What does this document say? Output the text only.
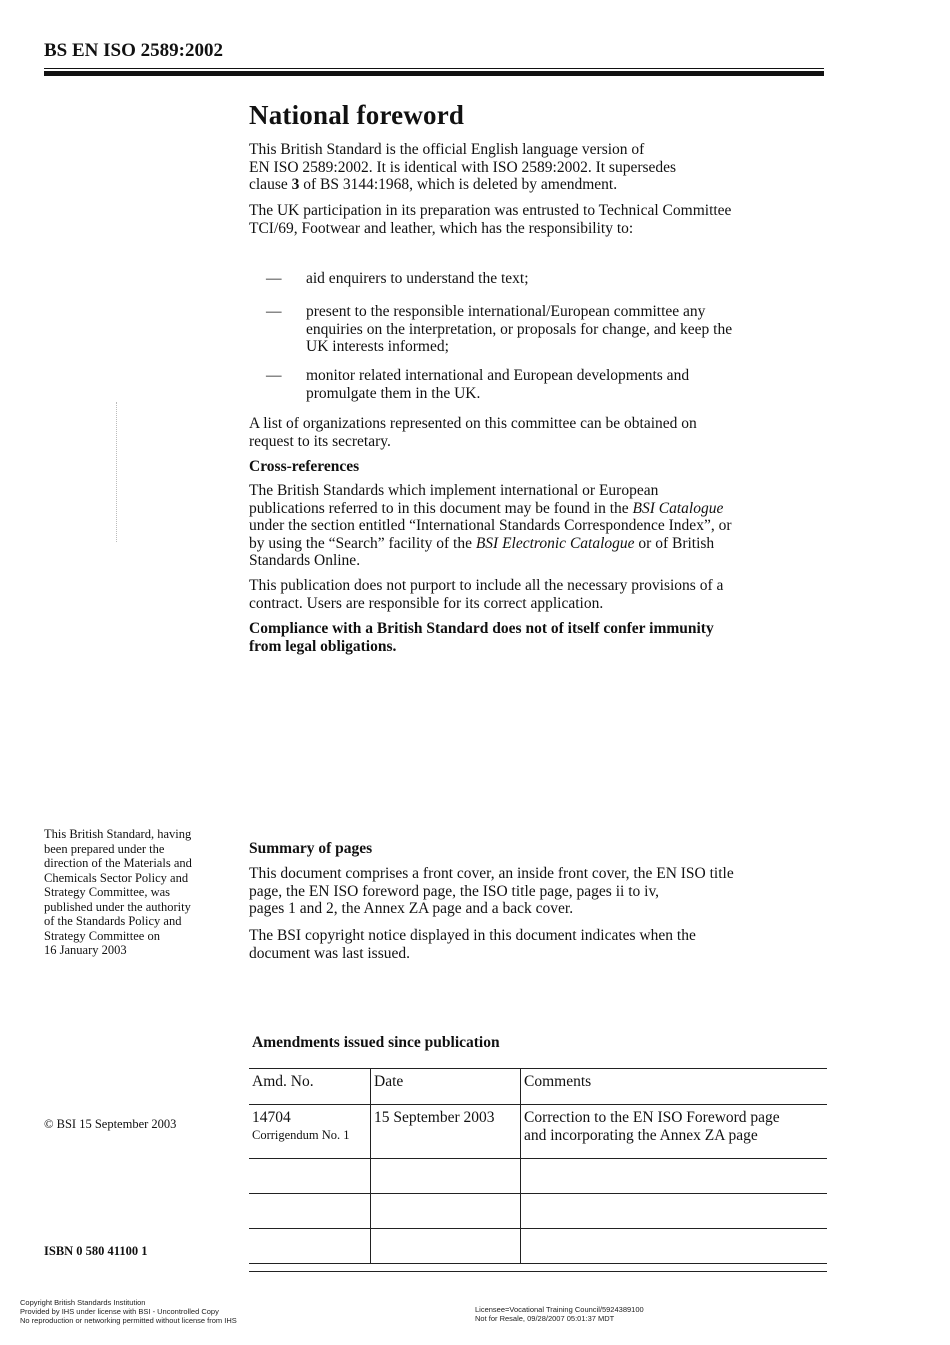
BS EN ISO 2589:2002
National foreword
This British Standard is the official English language version of
EN ISO 2589:2002. It is identical with ISO 2589:2002. It supersedes
clause 3 of BS 3144:1968, which is deleted by amendment.
The UK participation in its preparation was entrusted to Technical Committee
TCI/69, Footwear and leather, which has the responsibility to:
— aid enquirers to understand the text;
— present to the responsible international/European committee any
enquiries on the interpretation, or proposals for change, and keep the
UK interests informed;
— monitor related international and European developments and
promulgate them in the UK.
A list of organizations represented on this committee can be obtained on
request to its secretary.
Cross-references
The British Standards which implement international or European
publications referred to in this document may be found in the BSI Catalogue
under the section entitled “International Standards Correspondence Index”, or
by using the “Search” facility of the BSI Electronic Catalogue or of British
Standards Online.
This publication does not purport to include all the necessary provisions of a
contract. Users are responsible for its correct application.
Compliance with a British Standard does not of itself confer immunity
from legal obligations.
This British Standard, having
been prepared under the
direction of the Materials and
Chemicals Sector Policy and
Strategy Committee, was
published under the authority
of the Standards Policy and
Strategy Committee on
16 January 2003
Summary of pages
This document comprises a front cover, an inside front cover, the EN ISO title
page, the EN ISO foreword page, the ISO title page, pages ii to iv,
pages 1 and 2, the Annex ZA page and a back cover.
The BSI copyright notice displayed in this document indicates when the
document was last issued.
Amendments issued since publication
Amd. No.	Date	Comments

14704
Corrigendum No. 1	15 September 2003	Correction to the EN ISO Foreword page
and incorporating the Annex ZA page

© BSI 15 September 2003
ISBN 0 580 41100 1
Copyright British Standards Institution
Provided by IHS under license with BSI - Uncontrolled Copy
No reproduction or networking permitted without license from IHS
Licensee=Vocational Training Council/5924389100
Not for Resale, 09/28/2007 05:01:37 MDT
